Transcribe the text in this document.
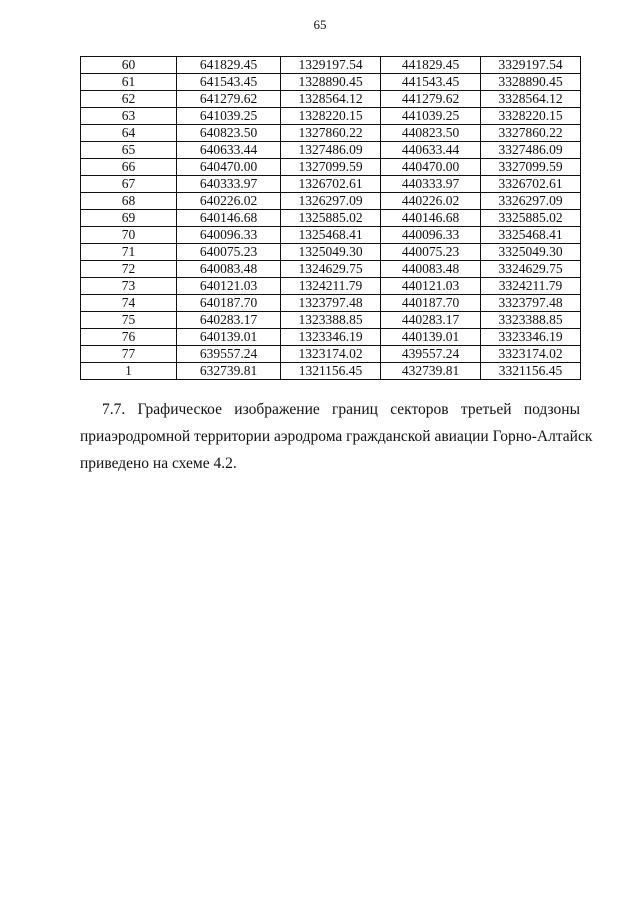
65
60	641829.45	1329197.54	441829.45	3329197.54
61	641543.45	1328890.45	441543.45	3328890.45
62	641279.62	1328564.12	441279.62	3328564.12
63	641039.25	1328220.15	441039.25	3328220.15
64	640823.50	1327860.22	440823.50	3327860.22
65	640633.44	1327486.09	440633.44	3327486.09
66	640470.00	1327099.59	440470.00	3327099.59
67	640333.97	1326702.61	440333.97	3326702.61
68	640226.02	1326297.09	440226.02	3326297.09
69	640146.68	1325885.02	440146.68	3325885.02
70	640096.33	1325468.41	440096.33	3325468.41
71	640075.23	1325049.30	440075.23	3325049.30
72	640083.48	1324629.75	440083.48	3324629.75
73	640121.03	1324211.79	440121.03	3324211.79
74	640187.70	1323797.48	440187.70	3323797.48
75	640283.17	1323388.85	440283.17	3323388.85
76	640139.01	1323346.19	440139.01	3323346.19
77	639557.24	1323174.02	439557.24	3323174.02
1	632739.81	1321156.45	432739.81	3321156.45
7.7. Графическое изображение границ секторов третьей подзоны
приаэродромной территории аэродрома гражданской авиации Горно-Алтайск
приведено на схеме 4.2.
